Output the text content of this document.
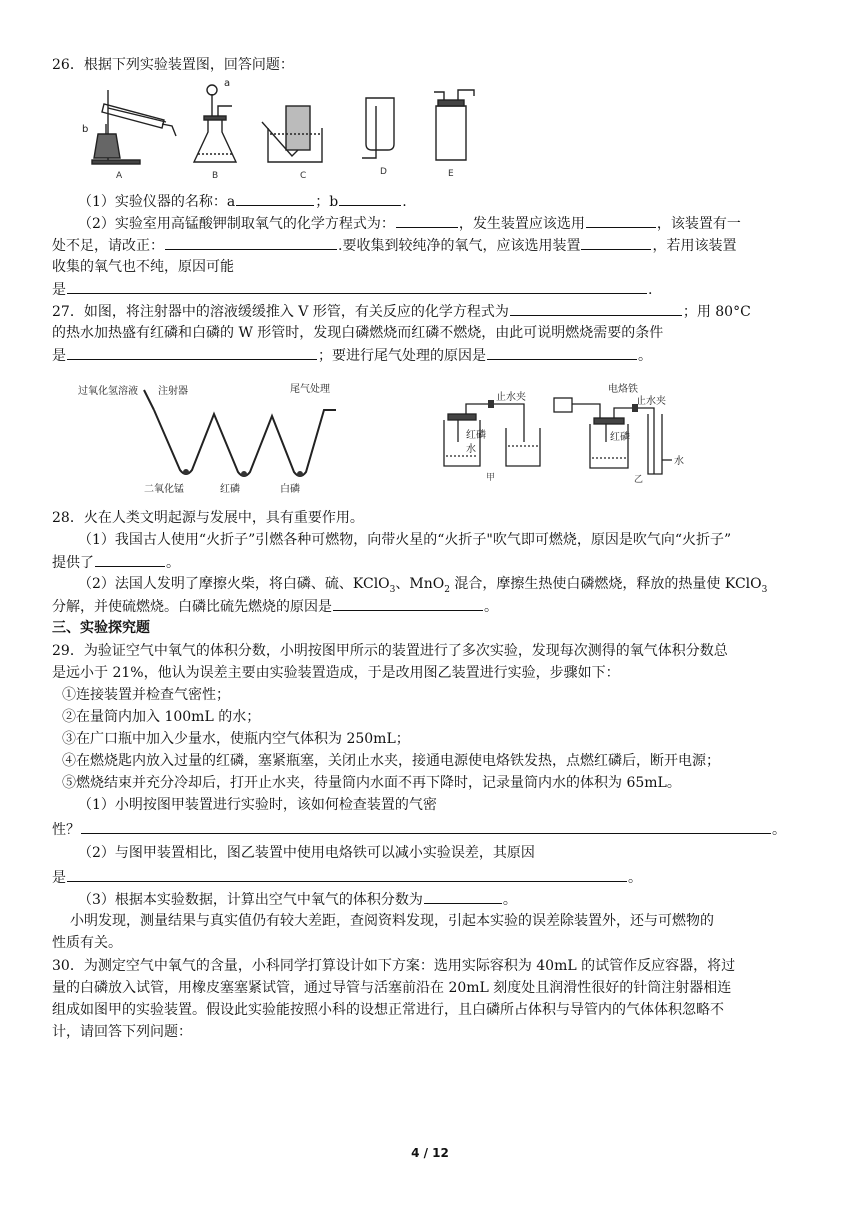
26．根据下列实验装置图，回答问题：
b
A
a
B	C	D	E
（1）实验仪器的名称：a	；b	.
（2）实验室用高锰酸钾制取氧气的化学方程式为：	，发生装置应该选用	，该装置有一
处不足，请改正：	.要收集到较纯净的氧气，应该选用装置	，若用该装置
收集的氧气也不纯，原因可能
是	.
27．如图，将注射器中的溶液缓缓推入 V 形管，有关反应的化学方程式为	；用 80°C
的热水加热盛有红磷和白磷的 W 形管时，发现白磷燃烧而红磷不燃烧，由此可说明燃烧需要的条件
是	；要进行尾气处理的原因是	。
过氧化氢溶液 注射器	尾气处理
二氧化锰	红磷	白磷
止水夹
红磷
水
甲
电烙铁
止水夹
红磷
水
乙
28．火在人类文明起源与发展中，具有重要作用。
（1）我国古人使用“火折子”引燃各种可燃物，向带火星的“火折子"吹气即可燃烧，原因是吹气向“火折子”
提供了	。
（2）法国人发明了摩擦火柴，将白磷、硫、KClO$_3$、MnO$_2$ 混合，摩擦生热使白磷燃烧，释放的热量使 KClO$_3$
分解，并使硫燃烧。白磷比硫先燃烧的原因是	。
三、实验探究题
29．为验证空气中氧气的体积分数，小明按图甲所示的装置进行了多次实验，发现每次测得的氧气体积分数总
是远小于 21%，他认为误差主要由实验装置造成，于是改用图乙装置进行实验，步骤如下：
①连接装置并检查气密性；
②在量筒内加入 100mL 的水；
③在广口瓶中加入少量水，使瓶内空气体积为 250mL；
④在燃烧匙内放入过量的红磷，塞紧瓶塞，关闭止水夹，接通电源使电烙铁发热，点燃红磷后，断开电源；
⑤燃烧结束并充分冷却后，打开止水夹，待量筒内水面不再下降时，记录量筒内水的体积为 65mL。
（1）小明按图甲装置进行实验时，该如何检查装置的气密
性？	。
（2）与图甲装置相比，图乙装置中使用电烙铁可以减小实验误差，其原因
是	。
（3）根据本实验数据，计算出空气中氧气的体积分数为	。
小明发现，测量结果与真实值仍有较大差距，查阅资料发现，引起本实验的误差除装置外，还与可燃物的
性质有关。
30．为测定空气中氧气的含量，小科同学打算设计如下方案：选用实际容积为 40mL 的试管作反应容器，将过
量的白磷放入试管，用橡皮塞塞紧试管，通过导管与活塞前沿在 20mL 刻度处且润滑性很好的针筒注射器相连
组成如图甲的实验装置。假设此实验能按照小科的设想正常进行，且白磷所占体积与导管内的气体体积忽略不
计，请回答下列问题：
4 / 12
